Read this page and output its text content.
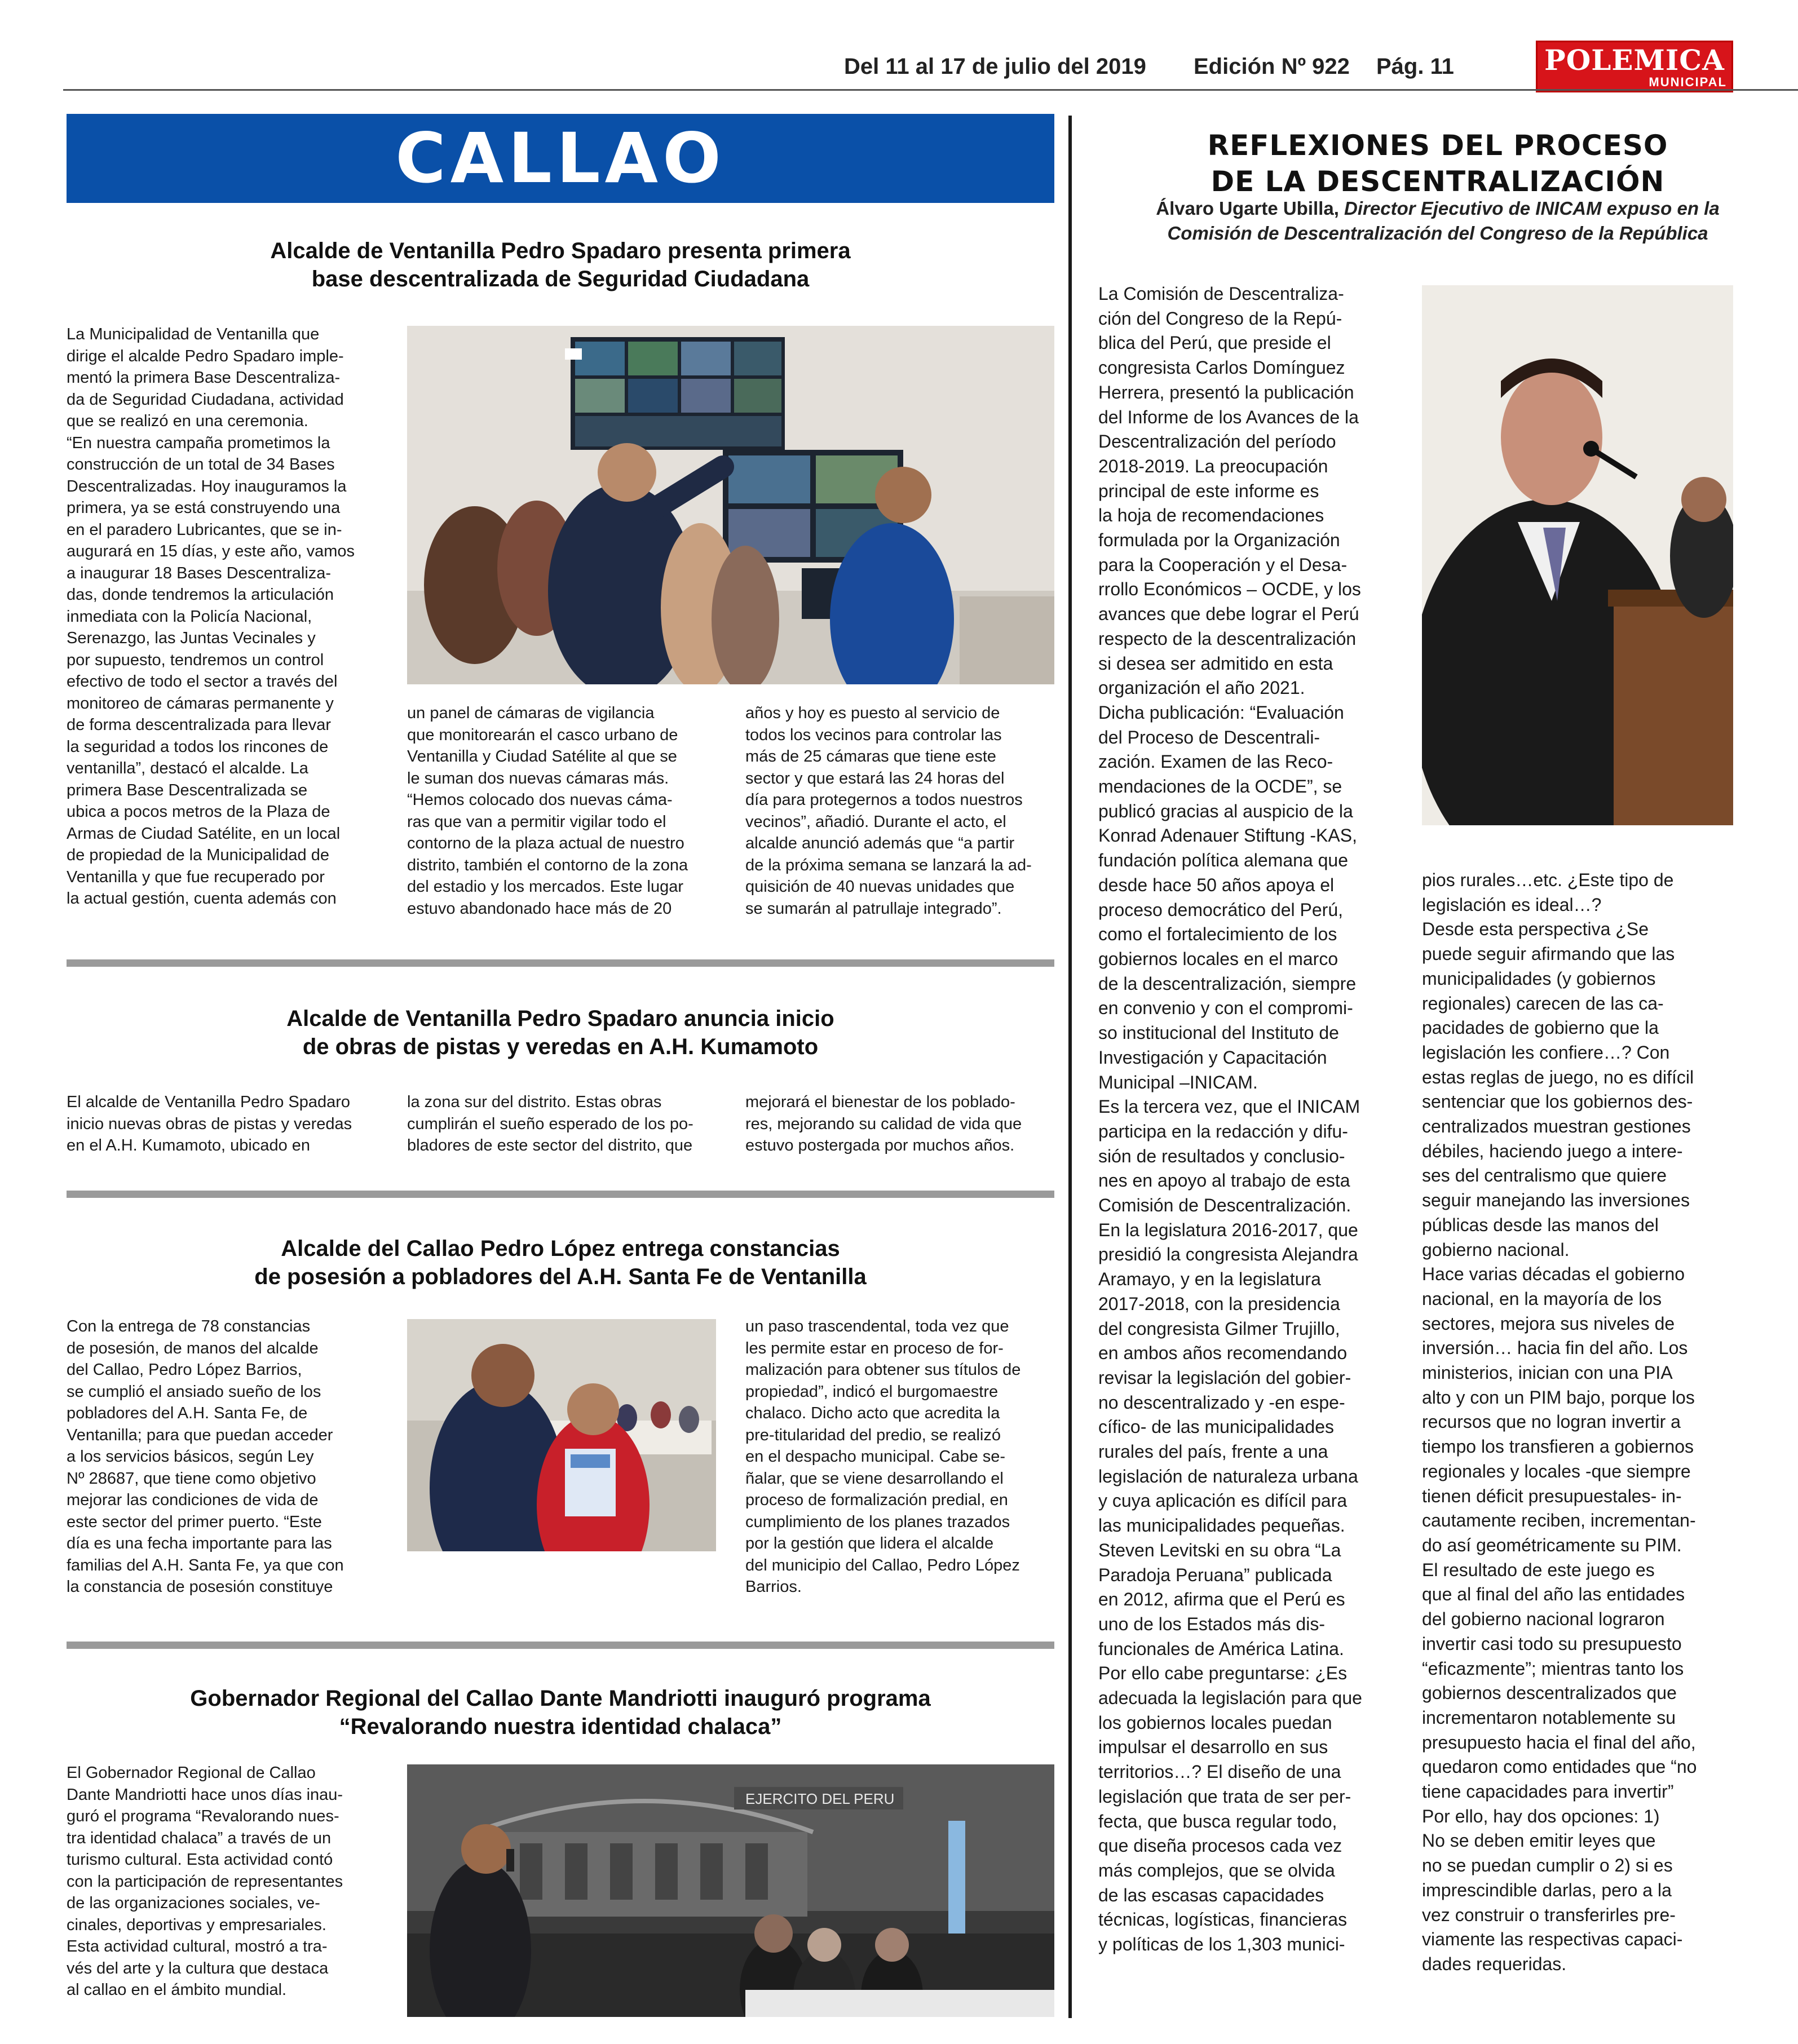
Del 11 al 17 de julio del 2019 Edición Nº 922 Pág. 11	POLEMICA
MUNICIPAL
CALLAO
Alcalde de Ventanilla Pedro Spadaro presenta primera
base descentralizada de Seguridad Ciudadana
La Municipalidad de Ventanilla que
dirige el alcalde Pedro Spadaro imple-
mentó la primera Base Descentraliza-
da de Seguridad Ciudadana, actividad
que se realizó en una ceremonia.
“En nuestra campaña prometimos la
construcción de un total de 34 Bases
Descentralizadas. Hoy inauguramos la
primera, ya se está construyendo una
en el paradero Lubricantes, que se in-
augurará en 15 días, y este año, vamos
a inaugurar 18 Bases Descentraliza-
das, donde tendremos la articulación
inmediata con la Policía Nacional,
Serenazgo, las Juntas Vecinales y
por supuesto, tendremos un control
efectivo de todo el sector a través del
monitoreo de cámaras permanente y
de forma descentralizada para llevar
la seguridad a todos los rincones de
ventanilla”, destacó el alcalde. La
primera Base Descentralizada se
ubica a pocos metros de la Plaza de
Armas de Ciudad Satélite, en un local
de propiedad de la Municipalidad de
Ventanilla y que fue recuperado por
la actual gestión, cuenta además con
un panel de cámaras de vigilancia
que monitorearán el casco urbano de
Ventanilla y Ciudad Satélite al que se
le suman dos nuevas cámaras más.
“Hemos colocado dos nuevas cáma-
ras que van a permitir vigilar todo el
contorno de la plaza actual de nuestro
distrito, también el contorno de la zona
del estadio y los mercados. Este lugar
estuvo abandonado hace más de 20
años y hoy es puesto al servicio de
todos los vecinos para controlar las
más de 25 cámaras que tiene este
sector y que estará las 24 horas del
día para protegernos a todos nuestros
vecinos”, añadió. Durante el acto, el
alcalde anunció además que “a partir
de la próxima semana se lanzará la ad-
quisición de 40 nuevas unidades que
se sumarán al patrullaje integrado”.
Alcalde de Ventanilla Pedro Spadaro anuncia inicio
de obras de pistas y veredas en A.H. Kumamoto
El alcalde de Ventanilla Pedro Spadaro
inicio nuevas obras de pistas y veredas
en el A.H. Kumamoto, ubicado en
la zona sur del distrito. Estas obras
cumplirán el sueño esperado de los po-
bladores de este sector del distrito, que
mejorará el bienestar de los poblado-
res, mejorando su calidad de vida que
estuvo postergada por muchos años.
Alcalde del Callao Pedro López entrega constancias
de posesión a pobladores del A.H. Santa Fe de Ventanilla
Con la entrega de 78 constancias
de posesión, de manos del alcalde
del Callao, Pedro López Barrios,
se cumplió el ansiado sueño de los
pobladores del A.H. Santa Fe, de
Ventanilla; para que puedan acceder
a los servicios básicos, según Ley
Nº 28687, que tiene como objetivo
mejorar las condiciones de vida de
este sector del primer puerto. “Este
día es una fecha importante para las
familias del A.H. Santa Fe, ya que con
la constancia de posesión constituye
un paso trascendental, toda vez que
les permite estar en proceso de for-
malización para obtener sus títulos de
propiedad”, indicó el burgomaestre
chalaco. Dicho acto que acredita la
pre-titularidad del predio, se realizó
en el despacho municipal. Cabe se-
ñalar, que se viene desarrollando el
proceso de formalización predial, en
cumplimiento de los planes trazados
por la gestión que lidera el alcalde
del municipio del Callao, Pedro López
Barrios.
Gobernador Regional del Callao Dante Mandriotti inauguró programa
“Revalorando nuestra identidad chalaca”
El Gobernador Regional de Callao
Dante Mandriotti hace unos días inau-
guró el programa “Revalorando nues-
tra identidad chalaca” a través de un
turismo cultural. Esta actividad contó
con la participación de representantes
de las organizaciones sociales, ve-
cinales, deportivas y empresariales.
Esta actividad cultural, mostró a tra-
vés del arte y la cultura que destaca
al callao en el ámbito mundial.
EJERCITO DEL PERU
REFLEXIONES DEL PROCESO
DE LA DESCENTRALIZACIÓN
Álvaro Ugarte Ubilla, Director Ejecutivo de INICAM expuso en la
Comisión de Descentralización del Congreso de la República
La Comisión de Descentraliza-
ción del Congreso de la Repú-
blica del Perú, que preside el
congresista Carlos Domínguez
Herrera, presentó la publicación
del Informe de los Avances de la
Descentralización del período
2018-2019. La preocupación
principal de este informe es
la hoja de recomendaciones
formulada por la Organización
para la Cooperación y el Desa-
rrollo Económicos – OCDE, y los
avances que debe lograr el Perú
respecto de la descentralización
si desea ser admitido en esta
organización el año 2021.
Dicha publicación: “Evaluación
del Proceso de Descentrali-
zación. Examen de las Reco-
mendaciones de la OCDE”, se
publicó gracias al auspicio de la
Konrad Adenauer Stiftung -KAS,
fundación política alemana que
desde hace 50 años apoya el
proceso democrático del Perú,
como el fortalecimiento de los
gobiernos locales en el marco
de la descentralización, siempre
en convenio y con el compromi-
so institucional del Instituto de
Investigación y Capacitación
Municipal –INICAM.
Es la tercera vez, que el INICAM
participa en la redacción y difu-
sión de resultados y conclusio-
nes en apoyo al trabajo de esta
Comisión de Descentralización.
En la legislatura 2016-2017, que
presidió la congresista Alejandra
Aramayo, y en la legislatura
2017-2018, con la presidencia
del congresista Gilmer Trujillo,
en ambos años recomendando
revisar la legislación del gobier-
no descentralizado y -en espe-
cífico- de las municipalidades
rurales del país, frente a una
legislación de naturaleza urbana
y cuya aplicación es difícil para
las municipalidades pequeñas.
Steven Levitski en su obra “La
Paradoja Peruana” publicada
en 2012, afirma que el Perú es
uno de los Estados más dis-
funcionales de América Latina.
Por ello cabe preguntarse: ¿Es
adecuada la legislación para que
los gobiernos locales puedan
impulsar el desarrollo en sus
territorios…? El diseño de una
legislación que trata de ser per-
fecta, que busca regular todo,
que diseña procesos cada vez
más complejos, que se olvida
de las escasas capacidades
técnicas, logísticas, financieras
y políticas de los 1,303 munici-
pios rurales…etc. ¿Este tipo de
legislación es ideal…?
Desde esta perspectiva ¿Se
puede seguir afirmando que las
municipalidades (y gobiernos
regionales) carecen de las ca-
pacidades de gobierno que la
legislación les confiere…? Con
estas reglas de juego, no es difícil
sentenciar que los gobiernos des-
centralizados muestran gestiones
débiles, haciendo juego a intere-
ses del centralismo que quiere
seguir manejando las inversiones
públicas desde las manos del
gobierno nacional.
Hace varias décadas el gobierno
nacional, en la mayoría de los
sectores, mejora sus niveles de
inversión… hacia fin del año. Los
ministerios, inician con una PIA
alto y con un PIM bajo, porque los
recursos que no logran invertir a
tiempo los transfieren a gobiernos
regionales y locales -que siempre
tienen déficit presupuestales- in-
cautamente reciben, incrementan-
do así geométricamente su PIM.
El resultado de este juego es
que al final del año las entidades
del gobierno nacional lograron
invertir casi todo su presupuesto
“eficazmente”; mientras tanto los
gobiernos descentralizados que
incrementaron notablemente su
presupuesto hacia el final del año,
quedaron como entidades que “no
tiene capacidades para invertir”
Por ello, hay dos opciones: 1)
No se deben emitir leyes que
no se puedan cumplir o 2) si es
imprescindible darlas, pero a la
vez construir o transferirles pre-
viamente las respectivas capaci-
dades requeridas.
